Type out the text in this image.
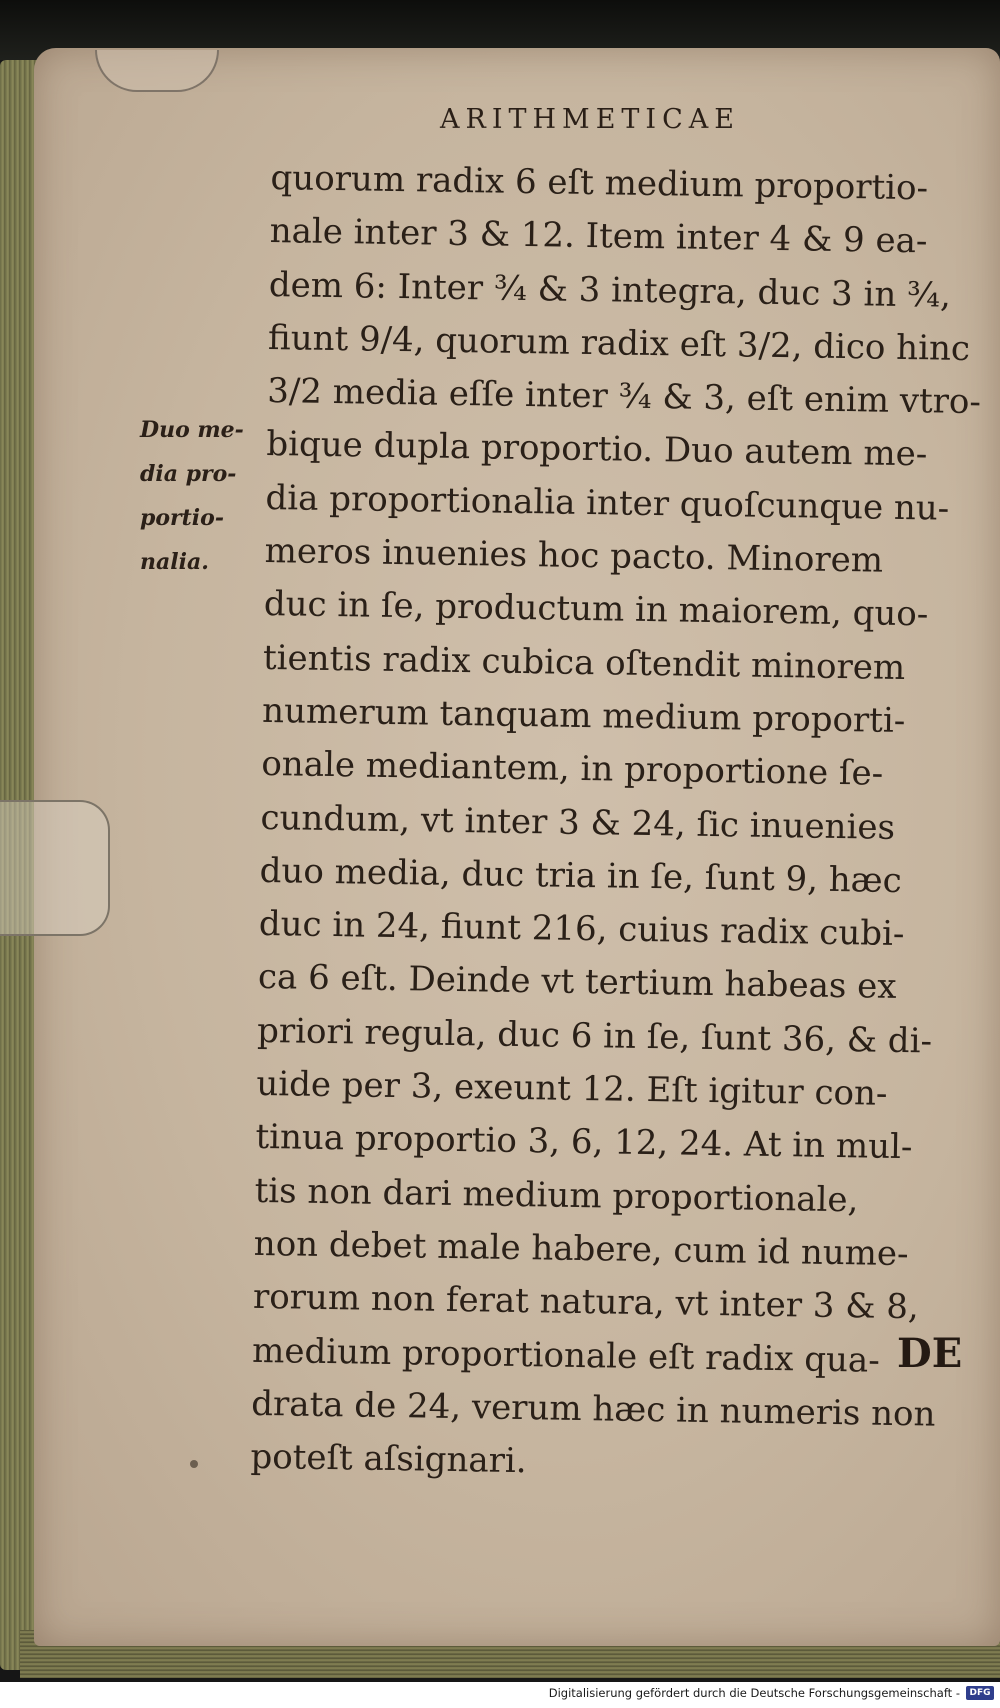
ARITHMETICAE
Duo me-
dia pro-
portio-
nalia.
quorum radix 6 eſt medium proportio-
nale inter 3 & 12. Item inter 4 & 9 ea-
dem 6: Inter ¾ & 3 integra, duc 3 in ¾,
fiunt 9/4, quorum radix eſt 3/2, dico hinc
3/2 media eſſe inter ¾ & 3, eſt enim vtro-
bique dupla proportio. Duo autem me-
dia proportionalia inter quoſcunque nu-
meros inuenies hoc pacto. Minorem
duc in ſe, productum in maiorem, quo-
tientis radix cubica oſtendit minorem
numerum tanquam medium proporti-
onale mediantem, in proportione ſe-
cundum, vt inter 3 & 24, ſic inuenies
duo media, duc tria in ſe, ſunt 9, hæc
duc in 24, fiunt 216, cuius radix cubi-
ca 6 eſt. Deinde vt tertium habeas ex
priori regula, duc 6 in ſe, ſunt 36, & di-
uide per 3, exeunt 12. Eſt igitur con-
tinua proportio 3, 6, 12, 24. At in mul-
tis non dari medium proportionale,
non debet male habere, cum id nume-
rorum non ferat natura, vt inter 3 & 8,
medium proportionale eſt radix qua-
drata de 24, verum hæc in numeris non
poteſt aſsignari.
DE
Digitalisierung gefördert durch die Deutsche Forschungsgemeinschaft -	DFG
